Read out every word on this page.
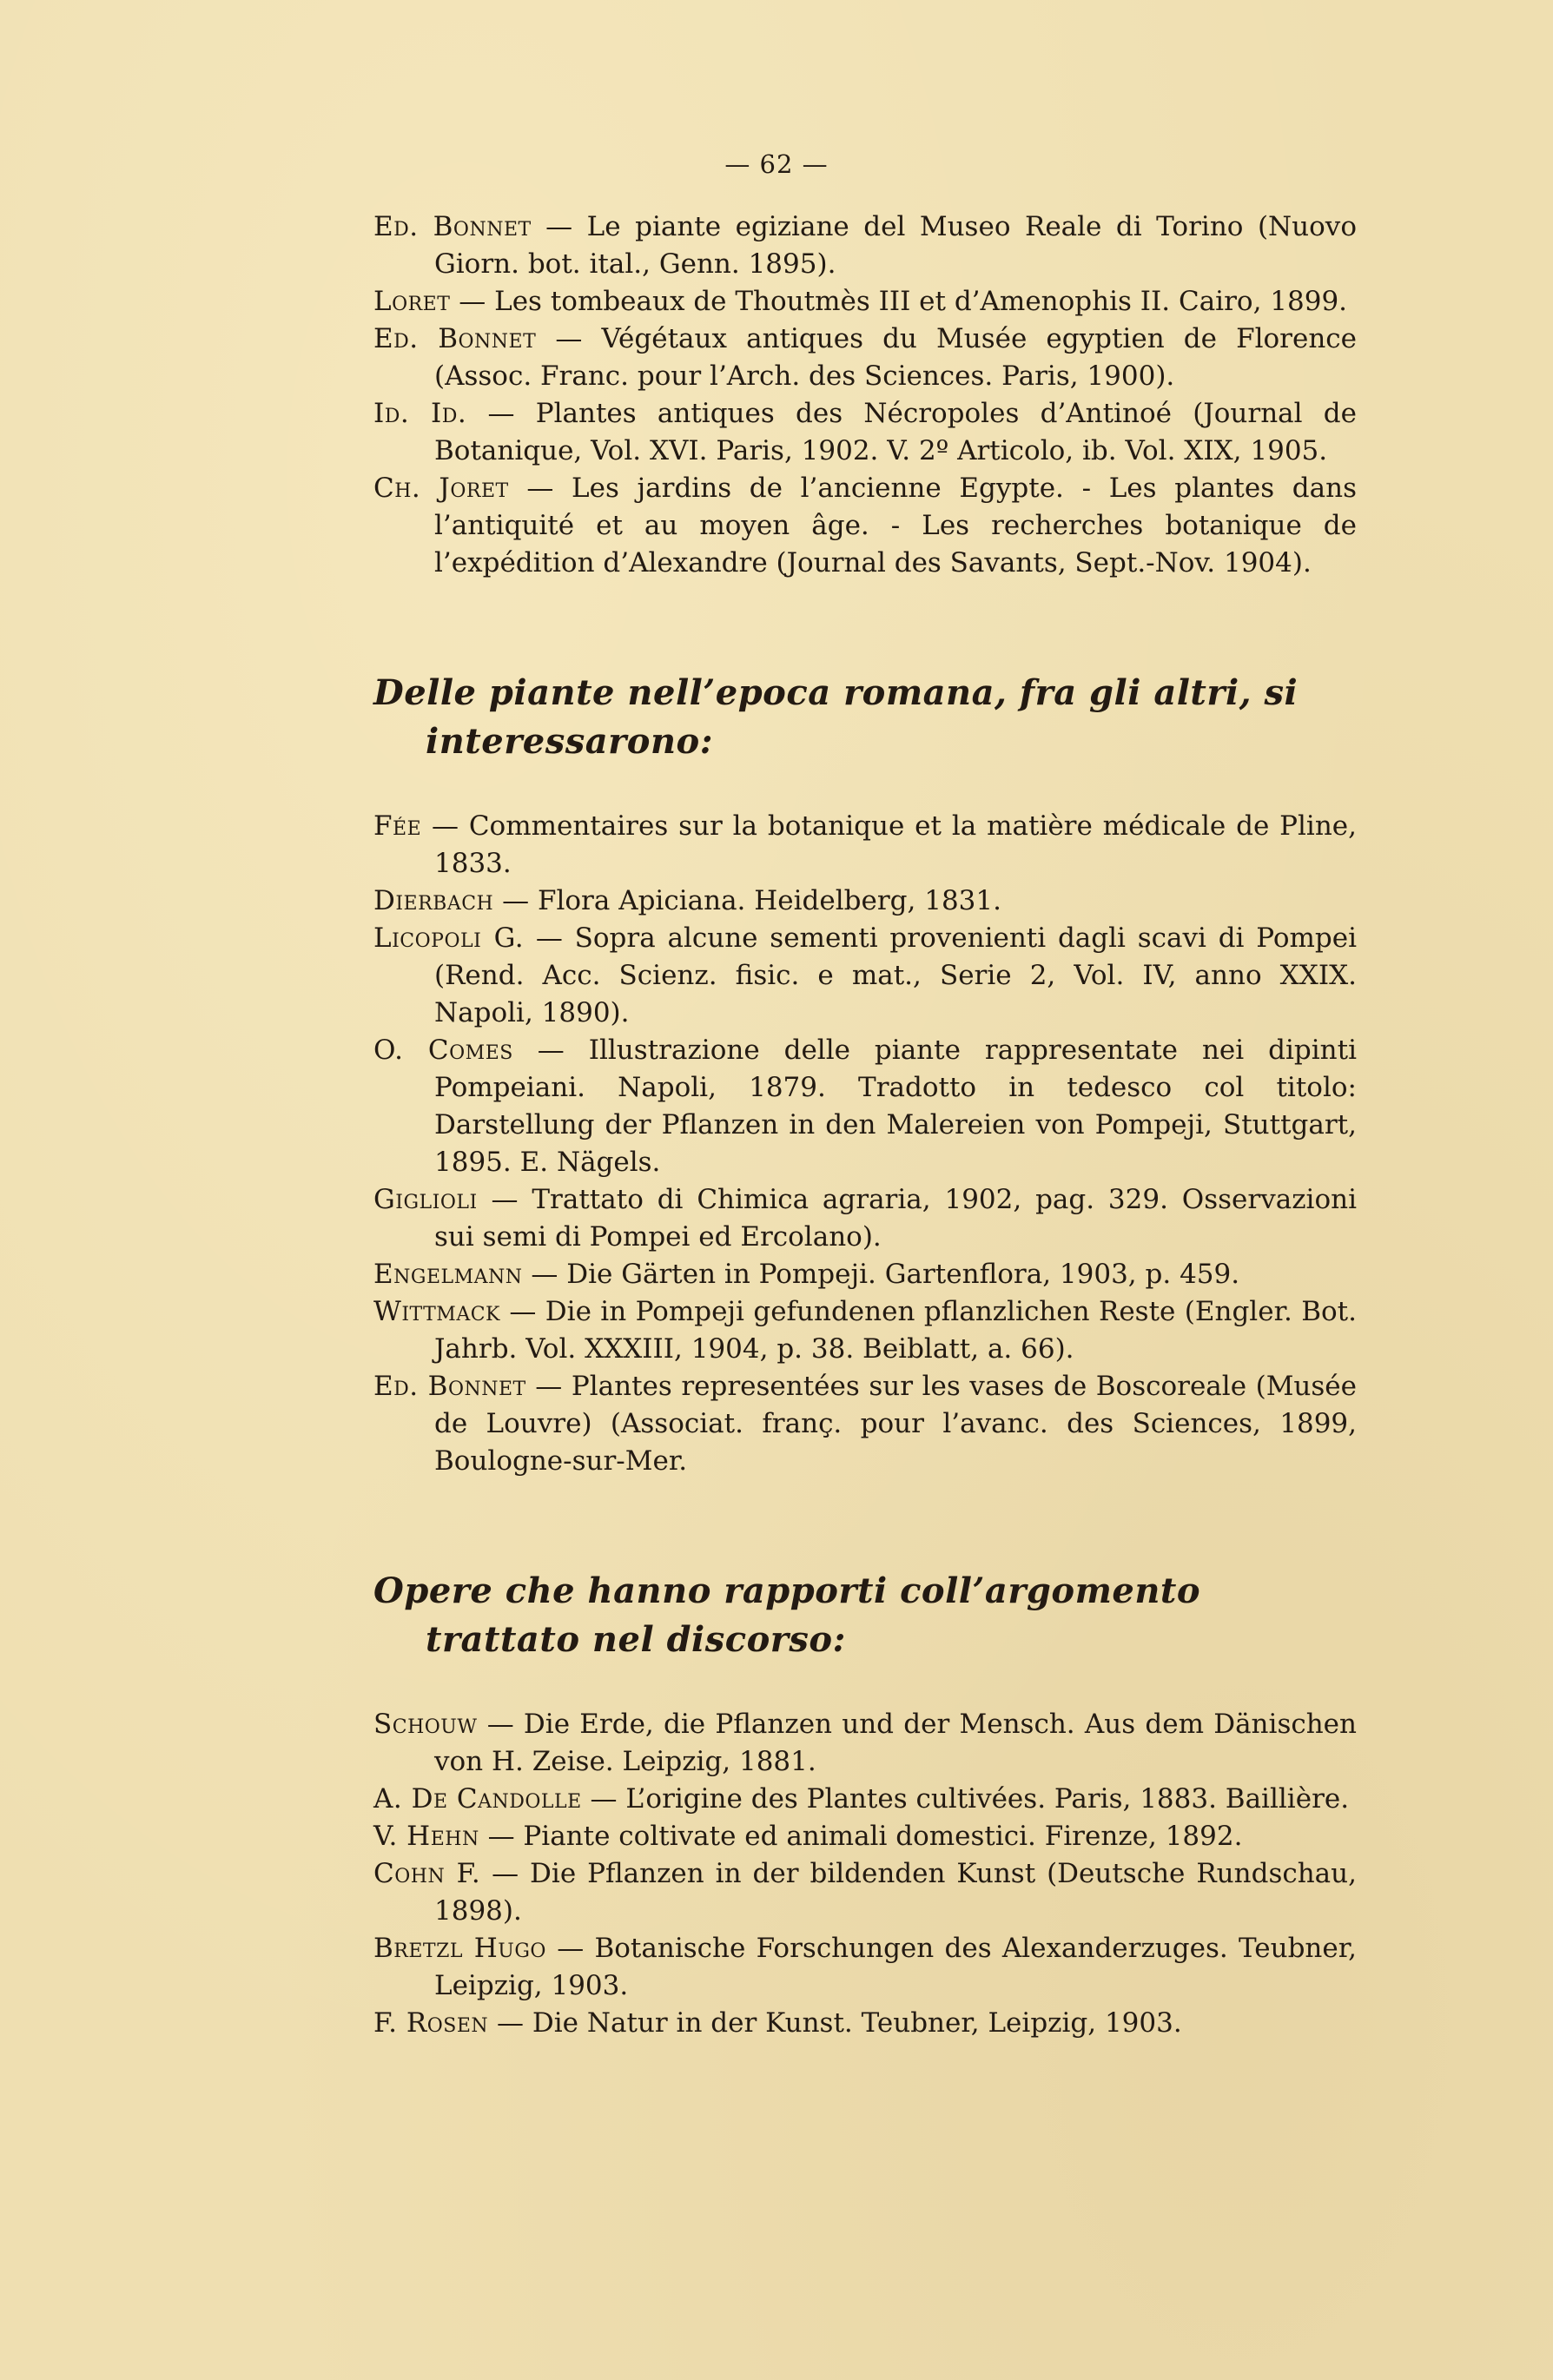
— 62 —

Ed. Bonnet — Le piante egiziane del Museo Reale di Torino (Nuovo Giorn. bot. ital., Genn. 1895).

Loret — Les tombeaux de Thoutmès III et d’Amenophis II. Cairo, 1899.

Ed. Bonnet — Végétaux antiques du Musée egyptien de Florence (Assoc. Franc. pour l’Arch. des Sciences. Paris, 1900).

Id. Id. — Plantes antiques des Nécropoles d’Antinoé (Journal de Botanique, Vol. XVI. Paris, 1902. V. 2º Articolo, ib. Vol. XIX, 1905.

Ch. Joret — Les jardins de l’ancienne Egypte. - Les plantes dans l’antiquité et au moyen âge. - Les recherches botanique de l’expédition d’Alexandre (Journal des Savants, Sept.-Nov. 1904).

Delle piante nell’epoca romana, fra gli altri, si interessarono:

Fée — Commentaires sur la botanique et la matière médicale de Pline, 1833.

Dierbach — Flora Apiciana. Heidelberg, 1831.

Licopoli G. — Sopra alcune sementi provenienti dagli scavi di Pompei (Rend. Acc. Scienz. fisic. e mat., Serie 2, Vol. IV, anno XXIX. Napoli, 1890).

O. Comes — Illustrazione delle piante rappresentate nei dipinti Pompeiani. Napoli, 1879. Tradotto in tedesco col titolo: Darstellung der Pflanzen in den Malereien von Pompeji, Stuttgart, 1895. E. Nägels.

Giglioli — Trattato di Chimica agraria, 1902, pag. 329. Osservazioni sui semi di Pompei ed Ercolano).

Engelmann — Die Gärten in Pompeji. Gartenflora, 1903, p. 459.

Wittmack — Die in Pompeji gefundenen pflanzlichen Reste (Engler. Bot. Jahrb. Vol. XXXIII, 1904, p. 38. Beiblatt, a. 66).

Ed. Bonnet — Plantes representées sur les vases de Boscoreale (Musée de Louvre) (Associat. franç. pour l’avanc. des Sciences, 1899, Boulogne-sur-Mer.

Opere che hanno rapporti coll’argomento trattato nel discorso:

Schouw — Die Erde, die Pflanzen und der Mensch. Aus dem Dänischen von H. Zeise. Leipzig, 1881.

A. De Candolle — L’origine des Plantes cultivées. Paris, 1883. Baillière.

V. Hehn — Piante coltivate ed animali domestici. Firenze, 1892.

Cohn F. — Die Pflanzen in der bildenden Kunst (Deutsche Rundschau, 1898).

Bretzl Hugo — Botanische Forschungen des Alexanderzuges. Teubner, Leipzig, 1903.

F. Rosen — Die Natur in der Kunst. Teubner, Leipzig, 1903.
